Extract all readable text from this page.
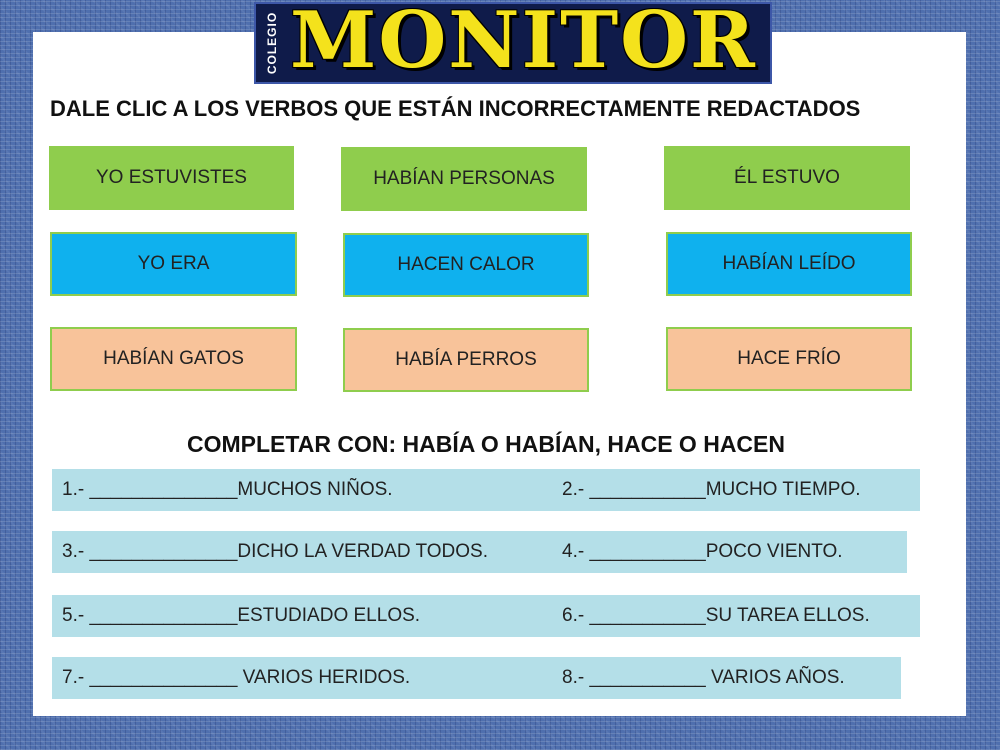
COLEGIO MONITOR
DALE CLIC A LOS VERBOS QUE ESTÁN INCORRECTAMENTE REDACTADOS
YO ESTUVISTES	HABÍAN PERSONAS	ÉL ESTUVO
YO ERA	HACEN CALOR	HABÍAN LEÍDO
HABÍAN GATOS	HABÍA PERROS	HACE FRÍO
COMPLETAR CON: HABÍA O HABÍAN, HACE O HACEN
1.- ______________MUCHOS NIÑOS.	2.- ___________MUCHO TIEMPO.
3.- ______________DICHO LA VERDAD TODOS.	4.- ___________POCO VIENTO.
5.- ______________ESTUDIADO ELLOS.	6.- ___________SU TAREA ELLOS.
7.- ______________ VARIOS HERIDOS.	8.- ___________ VARIOS AÑOS.
